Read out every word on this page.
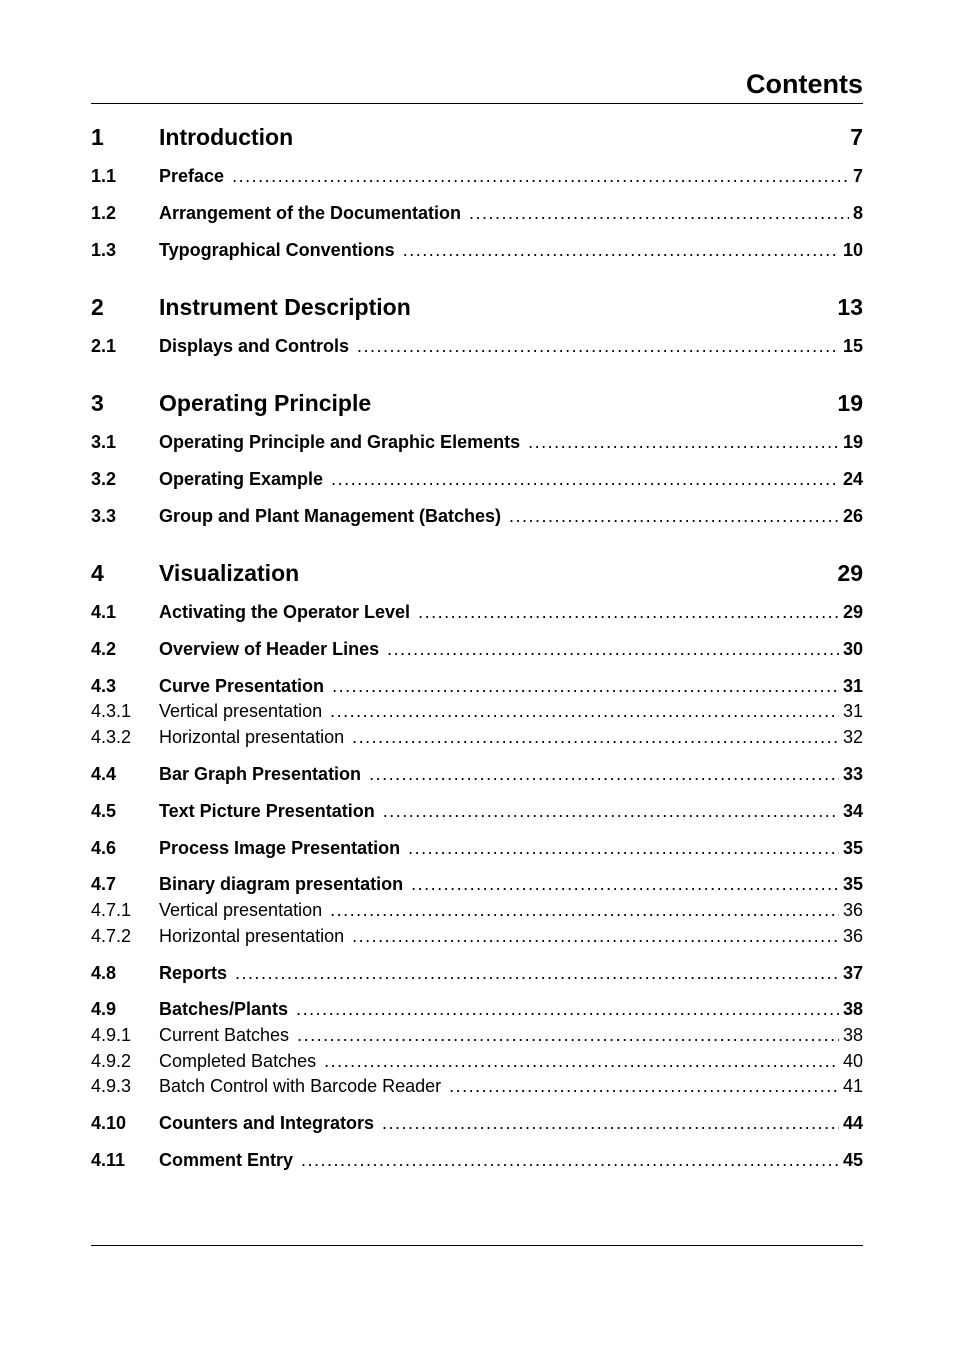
Contents
1	Introduction	7
1.1	Preface .....	7
1.2	Arrangement of the Documentation .....	8
1.3	Typographical Conventions .....	10
2	Instrument Description	13
2.1	Displays and Controls .....	15
3	Operating Principle	19
3.1	Operating Principle and Graphic Elements .....	19
3.2	Operating Example .....	24
3.3	Group and Plant Management (Batches) .....	26
4	Visualization	29
4.1	Activating the Operator Level .....	29
4.2	Overview of Header Lines .....	30
4.3	Curve Presentation .....	31
4.3.1	Vertical presentation .....	31
4.3.2	Horizontal presentation .....	32
4.4	Bar Graph Presentation .....	33
4.5	Text Picture Presentation .....	34
4.6	Process Image Presentation .....	35
4.7	Binary diagram presentation .....	35
4.7.1	Vertical presentation .....	36
4.7.2	Horizontal presentation .....	36
4.8	Reports .....	37
4.9	Batches/Plants .....	38
4.9.1	Current Batches .....	38
4.9.2	Completed Batches .....	40
4.9.3	Batch Control with Barcode Reader .....	41
4.10	Counters and Integrators .....	44
4.11	Comment Entry .....	45
